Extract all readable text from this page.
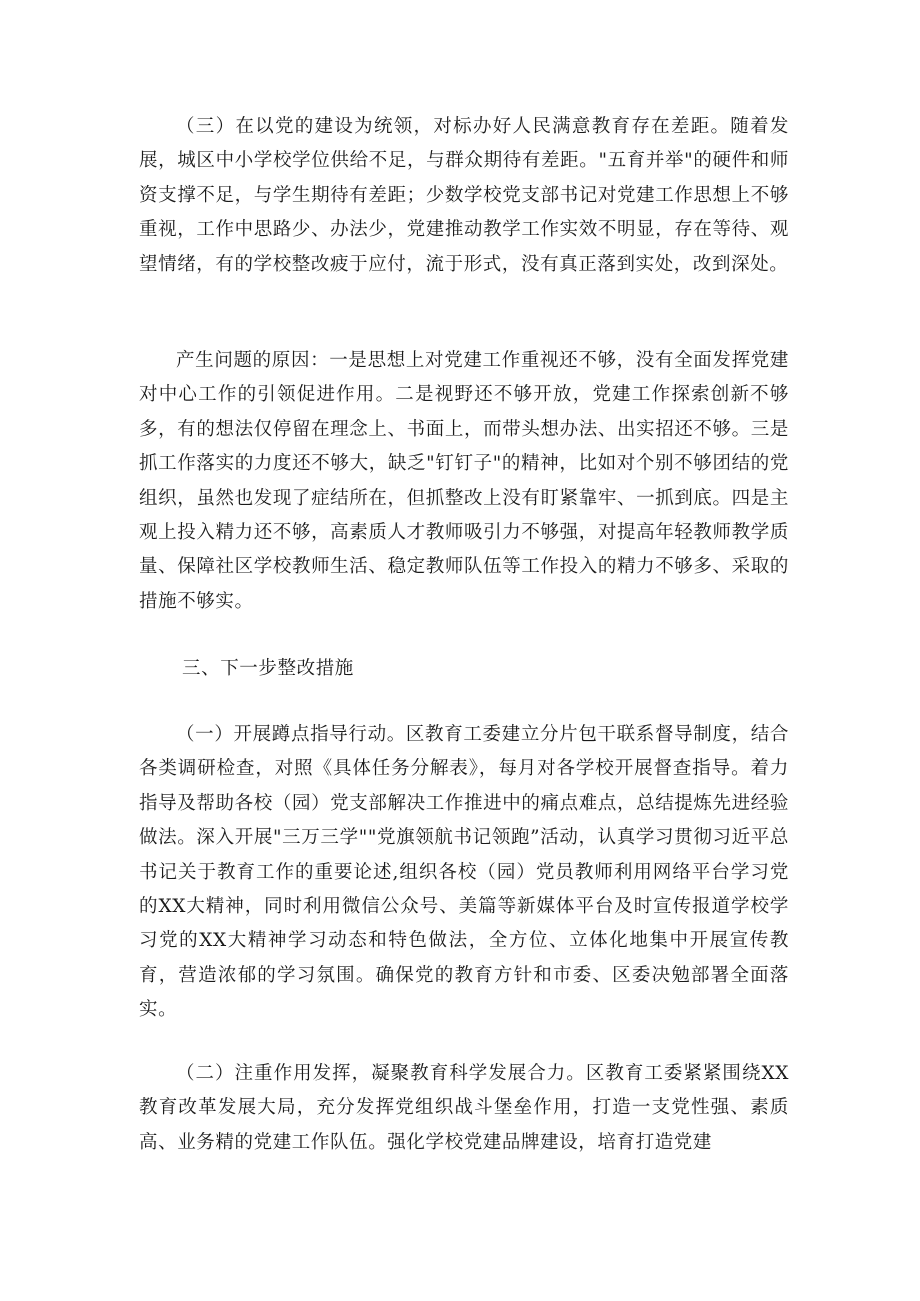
（三）在以党的建设为统领，对标办好人民满意教育存在差距。随着发展，城区中小学校学位供给不足，与群众期待有差距。"五育并举"的硬件和师资支撑不足，与学生期待有差距；少数学校党支部书记对党建工作思想上不够重视，工作中思路少、办法少，党建推动教学工作实效不明显，存在等待、观望情绪，有的学校整改疲于应付，流于形式，没有真正落到实处，改到深处。

产生问题的原因：一是思想上对党建工作重视还不够，没有全面发挥党建对中心工作的引领促进作用。二是视野还不够开放，党建工作探索创新不够多，有的想法仅停留在理念上、书面上，而带头想办法、出实招还不够。三是抓工作落实的力度还不够大，缺乏"钉钉子"的精神，比如对个别不够团结的党组织，虽然也发现了症结所在，但抓整改上没有盯紧靠牢、一抓到底。四是主观上投入精力还不够，高素质人才教师吸引力不够强，对提高年轻教师教学质量、保障社区学校教师生活、稳定教师队伍等工作投入的精力不够多、采取的措施不够实。

三、下一步整改措施

（一）开展蹲点指导行动。区教育工委建立分片包干联系督导制度，结合各类调研检查，对照《具体任务分解表》，每月对各学校开展督查指导。着力指导及帮助各校（园）党支部解决工作推进中的痛点难点，总结提炼先进经验做法。深入开展"三万三学""党旗领航书记领跑”活动，认真学习贯彻习近平总书记关于教育工作的重要论述,组织各校（园）党员教师利用网络平台学习党的XX大精神，同时利用微信公众号、美篇等新媒体平台及时宣传报道学校学习党的XX大精神学习动态和特色做法，全方位、立体化地集中开展宣传教育，营造浓郁的学习氛围。确保党的教育方针和市委、区委决勉部署全面落实。

（二）注重作用发挥，凝聚教育科学发展合力。区教育工委紧紧围绕XX教育改革发展大局，充分发挥党组织战斗堡垒作用，打造一支党性强、素质高、业务精的党建工作队伍。强化学校党建品牌建设，培育打造党建
